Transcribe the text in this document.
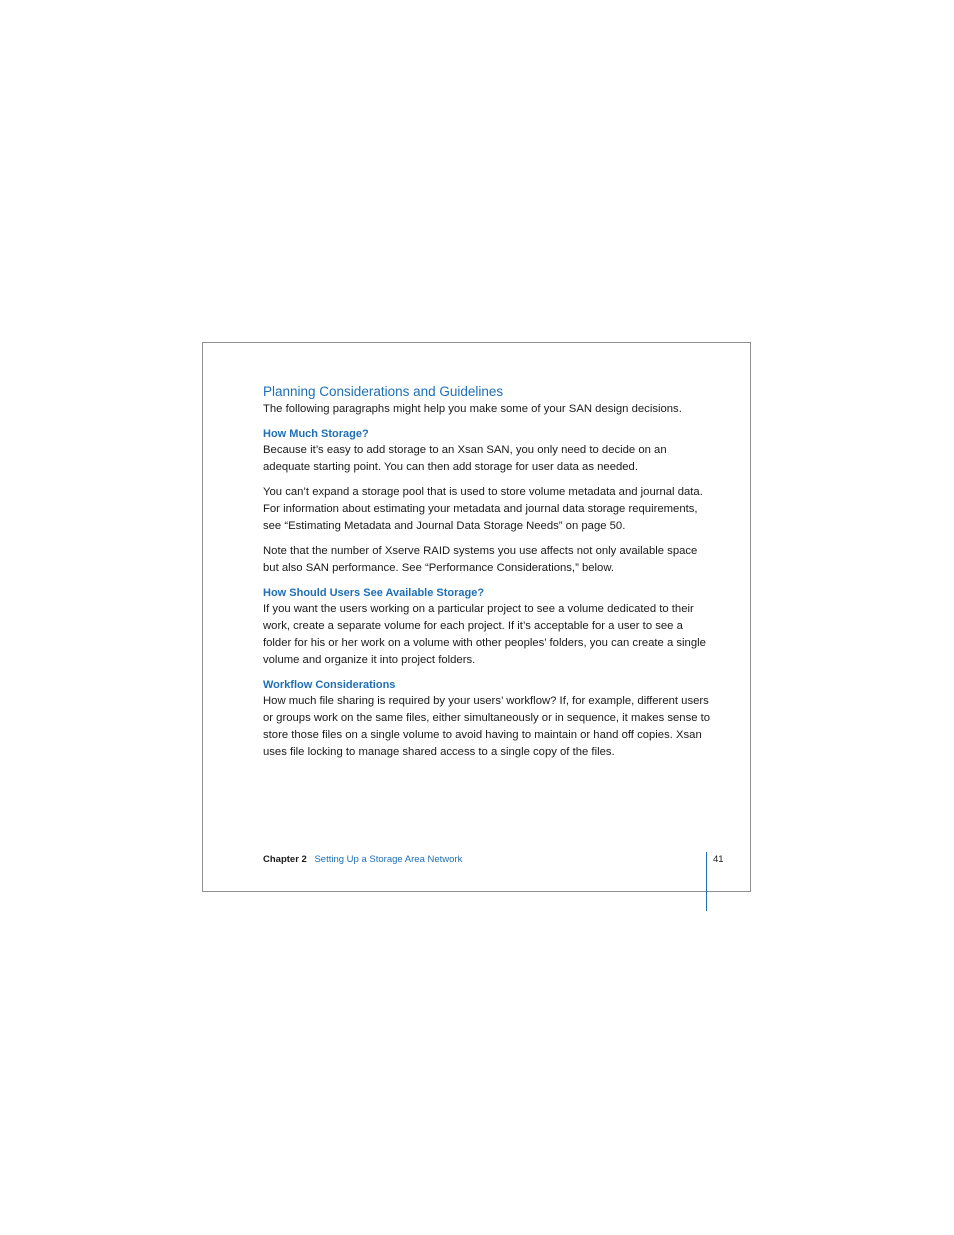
Planning Considerations and Guidelines

The following paragraphs might help you make some of your SAN design decisions.

How Much Storage?

Because it’s easy to add storage to an Xsan SAN, you only need to decide on an adequate starting point. You can then add storage for user data as needed.

You can’t expand a storage pool that is used to store volume metadata and journal data. For information about estimating your metadata and journal data storage requirements, see “Estimating Metadata and Journal Data Storage Needs” on page 50.

Note that the number of Xserve RAID systems you use affects not only available space but also SAN performance. See “Performance Considerations,” below.

How Should Users See Available Storage?

If you want the users working on a particular project to see a volume dedicated to their work, create a separate volume for each project. If it’s acceptable for a user to see a folder for his or her work on a volume with other peoples’ folders, you can create a single volume and organize it into project folders.

Workflow Considerations

How much file sharing is required by your users’ workflow? If, for example, different users or groups work on the same files, either simultaneously or in sequence, it makes sense to store those files on a single volume to avoid having to maintain or hand off copies. Xsan uses file locking to manage shared access to a single copy of the files.

Chapter 2 Setting Up a Storage Area Network	41
